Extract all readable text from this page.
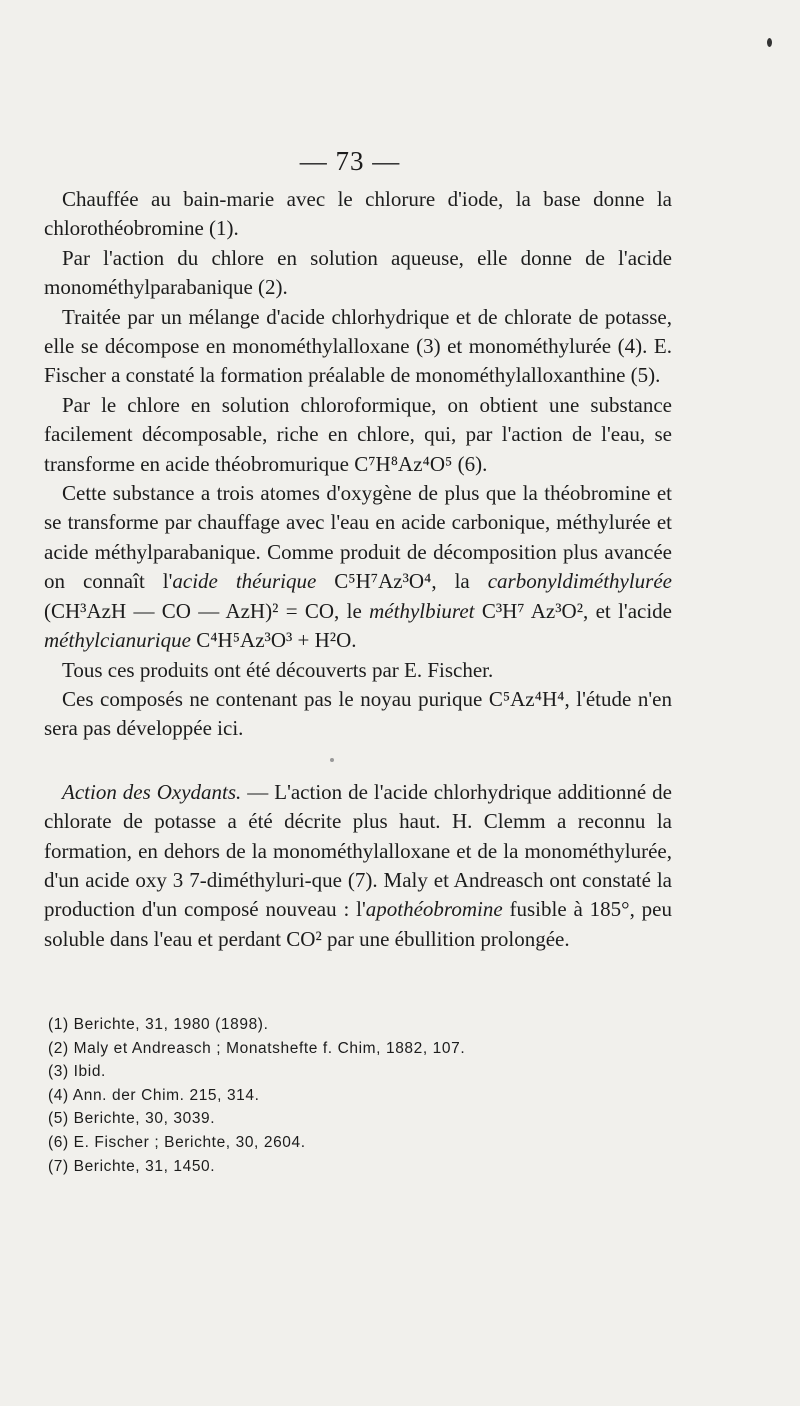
— 73 —

Chauffée au bain-marie avec le chlorure d'iode, la base donne la chlorothéobromine (1).

Par l'action du chlore en solution aqueuse, elle donne de l'acide monométhylparabanique (2).

Traitée par un mélange d'acide chlorhydrique et de chlorate de potasse, elle se décompose en monométhylalloxane (3) et monométhylurée (4). E. Fischer a constaté la formation préalable de monométhylalloxanthine (5).

Par le chlore en solution chloroformique, on obtient une substance facilement décomposable, riche en chlore, qui, par l'action de l'eau, se transforme en acide théobromurique C⁷H⁸Az⁴O⁵ (6).

Cette substance a trois atomes d'oxygène de plus que la théobromine et se transforme par chauffage avec l'eau en acide carbonique, méthylurée et acide méthylparabanique. Comme produit de décomposition plus avancée on connaît l'acide théurique C⁵H⁷Az³O⁴, la carbonyldiméthylurée (CH³AzH — CO — AzH)² = CO, le méthylbiuret C³H⁷ Az³O², et l'acide méthylcianurique C⁴H⁵Az³O³ + H²O.

Tous ces produits ont été découverts par E. Fischer.

Ces composés ne contenant pas le noyau purique C⁵Az⁴H⁴, l'étude n'en sera pas développée ici.

Action des Oxydants. — L'action de l'acide chlorhydrique additionné de chlorate de potasse a été décrite plus haut. H. Clemm a reconnu la formation, en dehors de la monométhylalloxane et de la monométhylurée, d'un acide oxy 3 7-diméthyluri-que (7). Maly et Andreasch ont constaté la production d'un composé nouveau : l'apothéobromine fusible à 185°, peu soluble dans l'eau et perdant CO² par une ébullition prolongée.

(1) Berichte, 31, 1980 (1898).
(2) Maly et Andreasch ; Monatshefte f. Chim, 1882, 107.
(3) Ibid.
(4) Ann. der Chim. 215, 314.
(5) Berichte, 30, 3039.
(6) E. Fischer ; Berichte, 30, 2604.
(7) Berichte, 31, 1450.
